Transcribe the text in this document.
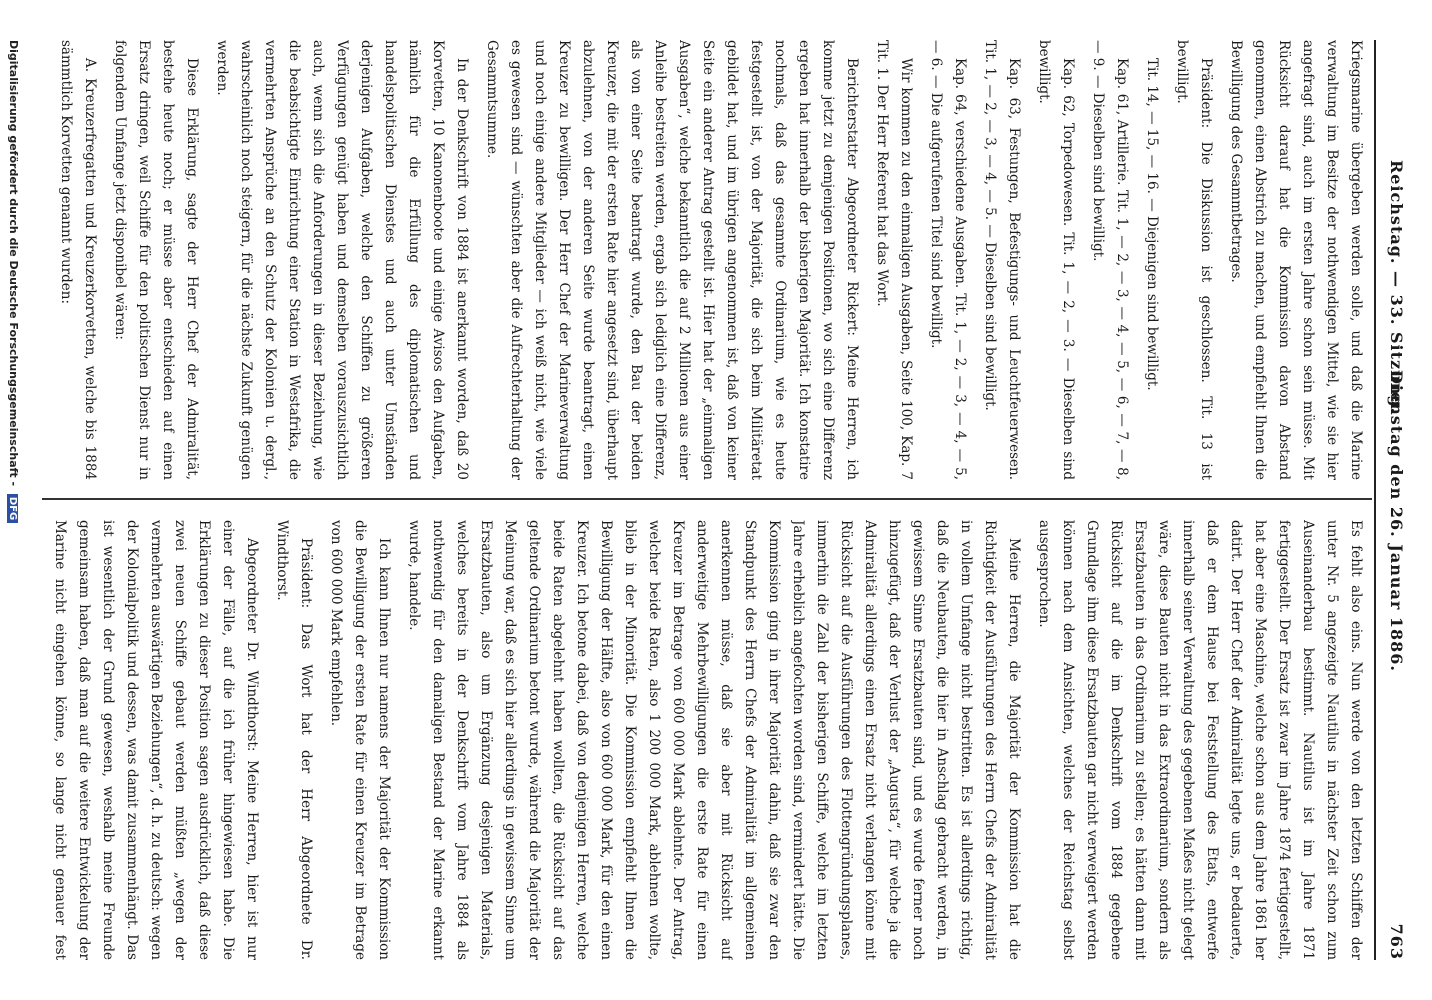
Reichstag. — 33. Sitzung.
Dienstag den 26. Januar 1886.
763

Kriegsmarine übergeben werden solle, und daß die Marine verwaltung im Besitze der nothwendigen Mittel, wie sie hier angefragt sind, auch im ersten Jahre schon sein müsse. Mit Rücksicht darauf hat die Kommission davon Abstand genommen, einen Abstrich zu machen, und empfiehlt Ihnen die Bewilligung des Gesammtbetrages.

Präsident: Die Diskussion ist geschlossen. Tit. 13 ist bewilligt.

Tit. 14, — 15, — 16. — Diejenigen sind bewilligt.

Kap. 61, Artillerie. Tit. 1, — 2, — 3, — 4, — 5, — 6, — 7, — 8, — 9. — Dieselben sind bewilligt.

Kap. 62, Torpedowesen. Tit. 1, — 2, — 3. — Dieselben sind bewilligt.

Kap. 63, Festungen, Befestigungs- und Leuchtfeuerwesen. Tit. 1, — 2, — 3, — 4, — 5. — Dieselben sind bewilligt.

Kap. 64, verschiedene Ausgaben. Tit. 1, — 2, — 3, — 4, — 5, — 6. — Die aufgerufenen Titel sind bewilligt.

Wir kommen zu den einmaligen Ausgaben, Seite 100, Kap. 7 Tit. 1. Der Herr Referent hat das Wort.

Berichterstatter Abgeordneter Rickert: Meine Herren, ich komme jetzt zu demjenigen Positionen, wo sich eine Differenz ergeben hat innerhalb der bisherigen Majorität. Ich konstatire nochmals, daß das gesammte Ordinarium, wie es heute festgestellt ist, von der Majorität, die sich beim Militäretat gebildet hat, und im übrigen angenommen ist, daß von keiner Seite ein anderer Antrag gestellt ist. Hier hat der „einmaligen Ausgaben“, welche bekanntlich die auf 2 Millionen aus einer Anleihe bestreiten werden, ergab sich lediglich eine Differenz, als von einer Seite beantragt wurde, den Bau der beiden Kreuzer, die mit der ersten Rate hier angesetzt sind, überhaupt abzulehnen, von der anderen Seite wurde beantragt, einen Kreuzer zu bewilligen. Der Herr Chef der Marineverwaltung und noch einige andere Mitglieder — ich weiß nicht, wie viele es gewesen sind — wünschten aber die Aufrechterhaltung der Gesammtsumme.

In der Denkschrift von 1884 ist anerkannt worden, daß 20 Korvetten, 10 Kanonenboote und einige Avisos den Aufgaben, nämlich für die Erfüllung des diplomatischen und handelspolitischen Dienstes und auch unter Umständen derjenigen Aufgaben, welche den Schiffen zu größeren Verfügungen genügt haben und demselben vorauszusichtlich auch, wenn sich die Anforderungen in dieser Beziehung, wie die beabsichtigte Einrichtung einer Station in Westafrika, die vermehrten Ansprüche an den Schutz der Kolonien u. dergl., wahrscheinlich noch steigern, für die nächste Zukunft genügen werden.

Diese Erklärung, sagte der Herr Chef der Admiralität, bestehe heute noch; er müsse aber entschieden auf einen Ersatz dringen, weil Schiffe für den politischen Dienst nur in folgendem Umfange jetzt disponibel wären:

A. Kreuzerfregatten und Kreuzerkorvetten, welche bis 1884 sämmtlich Korvetten genannt wurden:

Es fehlt also eins. Nun werde von den letzten Schiffen der unter Nr. 5 angezeigte Nautilus in nächster Zeit schon zum Auseinanderbau bestimmt. Nautilus ist im Jahre 1871 fertiggestellt. Der Ersatz ist zwar im Jahre 1874 fertiggestellt, hat aber eine Maschine, welche schon aus dem Jahre 1861 her datirt. Der Herr Chef der Admiralität legte uns, er bedauerte, daß er dem Hause bei Feststellung des Etats, entwerfe innerhalb seiner Verwaltung des gegebenen Maßes nicht gelegt wäre, diese Bauten nicht in das Extraordinarium, sondern als Ersatzbauten in das Ordinarium zu stellen; es hätten dann mit Rücksicht auf die im Denkschrift vom 1884 gegebene Grundlage ihm diese Ersatzbauten gar nicht verweigert werden können nach dem Ansichten, welches der Reichstag selbst ausgesprochen.

Meine Herren, die Majorität der Kommission hat die Richtigkeit der Ausführungen des Herrn Chefs der Admiralität in vollem Umfange nicht bestritten. Es ist allerdings richtig, daß die Neubauten, die hier in Anschlag gebracht werden, in gewissem Sinne Ersatzbauten sind, und es wurde ferner noch hinzugefügt, daß der Verlust der „Augusta“, für welche ja die Admiralität allerdings einen Ersatz nicht verlangen könne mit Rücksicht auf die Ausführungen des Flottengründungsplanes, immerhin die Zahl der bisherigen Schiffe, welche im letzten Jahre erheblich angefochten worden sind, vermindert hätte. Die Kommission ging in ihrer Majorität dahin, daß sie zwar den Standpunkt des Herrn Chefs der Admiralität im allgemeinen anerkennen müsse, daß sie aber mit Rücksicht auf anderweitige Mehrbewilligungen die erste Rate für einen Kreuzer im Betrage von 600 000 Mark ablehnte. Der Antrag, welcher beide Raten, also 1 200 000 Mark, ablehnen wollte, blieb in der Minorität. Die Kommission empfiehlt Ihnen die Bewilligung der Hälfte, also von 600 000 Mark, für den einen Kreuzer. Ich betone dabei, daß von denjenigen Herren, welche beide Raten abgelehnt haben wollten, die Rücksicht auf das geltende Ordinarium betont wurde, während die Majorität der Meinung war, daß es sich hier allerdings in gewissem Sinne um Ersatzbauten, also um Ergänzung desjenigen Materials, welches bereits in der Denkschrift vom Jahre 1884 als nothwendig für den damaligen Bestand der Marine erkannt wurde, handele.

Ich kann Ihnen nur namens der Majorität der Kommission die Bewilligung der ersten Rate für einen Kreuzer im Betrage von 600 000 Mark empfehlen.

Präsident: Das Wort hat der Herr Abgeordnete Dr. Windthorst.

Abgeordneter Dr. Windthorst: Meine Herren, hier ist nur einer der Fälle, auf die ich früher hingewiesen habe. Die Erklärungen zu dieser Position sagen ausdrücklich, daß diese zwei neuen Schiffe gebaut werden müßten „wegen der vermehrten auswärtigen Beziehungen“, d. h. zu deutsch: wegen der Kolonialpolitik und dessen, was damit zusammenhängt. Das ist wesentlich der Grund gewesen, weshalb meine Freunde gemeinsam haben, daß man auf die weitere Entwickelung der Marine nicht eingehen könne, so lange nicht genauer fest

Digitalisierung gefördert durch die Deutsche Forschungsgemeinschaft - DFG
